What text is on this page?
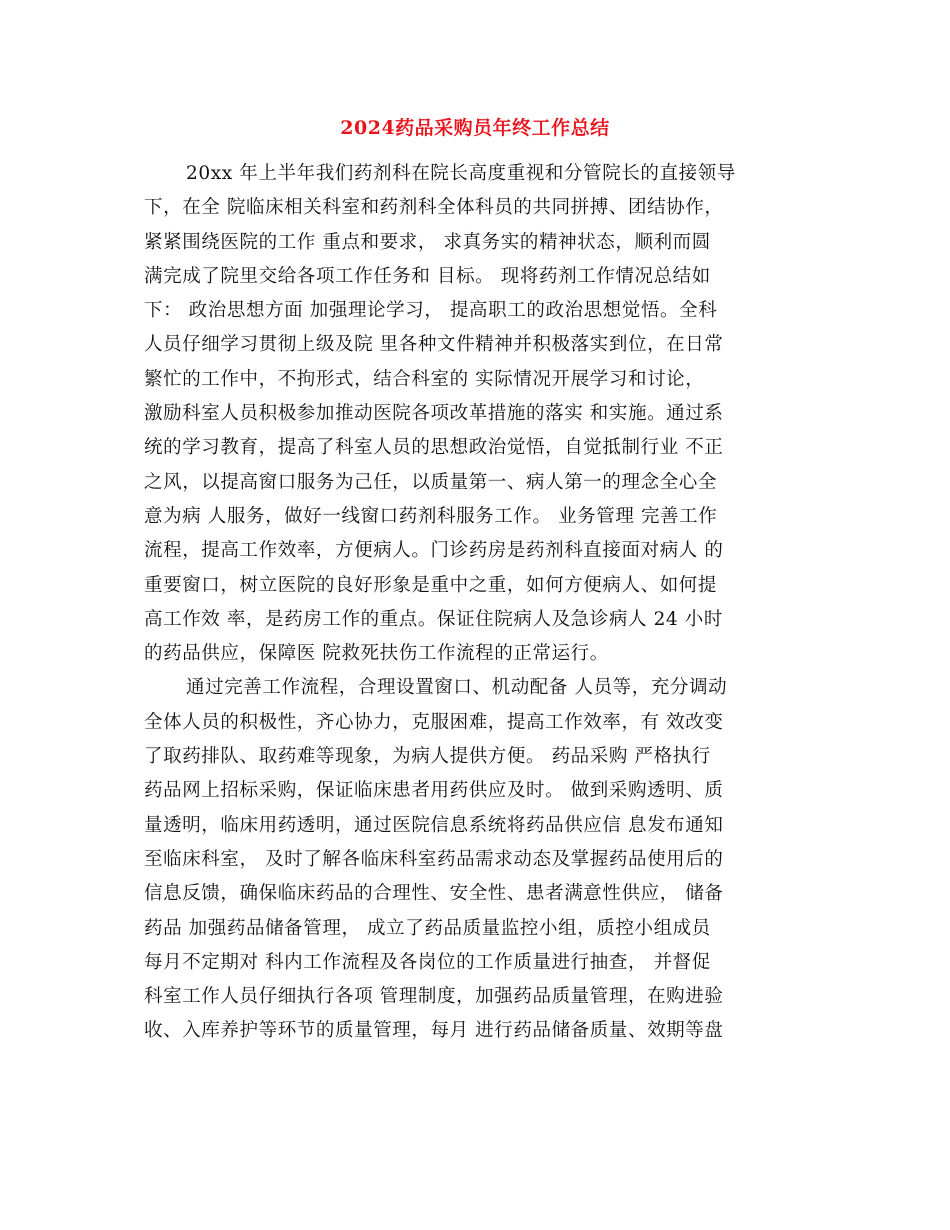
2024药品采购员年终工作总结
20xx 年上半年我们药剂科在院长高度重视和分管院长的直接领导
下，在全 院临床相关科室和药剂科全体科员的共同拼搏、团结协作，
紧紧围绕医院的工作 重点和要求， 求真务实的精神状态，顺利而圆
满完成了院里交给各项工作任务和 目标。 现将药剂工作情况总结如
下： 政治思想方面 加强理论学习， 提高职工的政治思想觉悟。全科
人员仔细学习贯彻上级及院 里各种文件精神并积极落实到位，在日常
繁忙的工作中，不拘形式，结合科室的 实际情况开展学习和讨论，
激励科室人员积极参加推动医院各项改革措施的落实 和实施。通过系
统的学习教育，提高了科室人员的思想政治觉悟，自觉抵制行业 不正
之风，以提高窗口服务为己任，以质量第一、病人第一的理念全心全
意为病 人服务，做好一线窗口药剂科服务工作。 业务管理 完善工作
流程，提高工作效率，方便病人。门诊药房是药剂科直接面对病人 的
重要窗口，树立医院的良好形象是重中之重，如何方便病人、如何提
高工作效 率，是药房工作的重点。保证住院病人及急诊病人 24 小时
的药品供应，保障医 院救死扶伤工作流程的正常运行。
通过完善工作流程，合理设置窗口、机动配备 人员等，充分调动
全体人员的积极性，齐心协力，克服困难，提高工作效率，有 效改变
了取药排队、取药难等现象，为病人提供方便。 药品采购 严格执行
药品网上招标采购，保证临床患者用药供应及时。 做到采购透明、质
量透明，临床用药透明，通过医院信息系统将药品供应信 息发布通知
至临床科室， 及时了解各临床科室药品需求动态及掌握药品使用后的
信息反馈，确保临床药品的合理性、安全性、患者满意性供应， 储备
药品 加强药品储备管理， 成立了药品质量监控小组，质控小组成员
每月不定期对 科内工作流程及各岗位的工作质量进行抽查， 并督促
科室工作人员仔细执行各项 管理制度，加强药品质量管理，在购进验
收、入库养护等环节的质量管理，每月 进行药品储备质量、效期等盘
